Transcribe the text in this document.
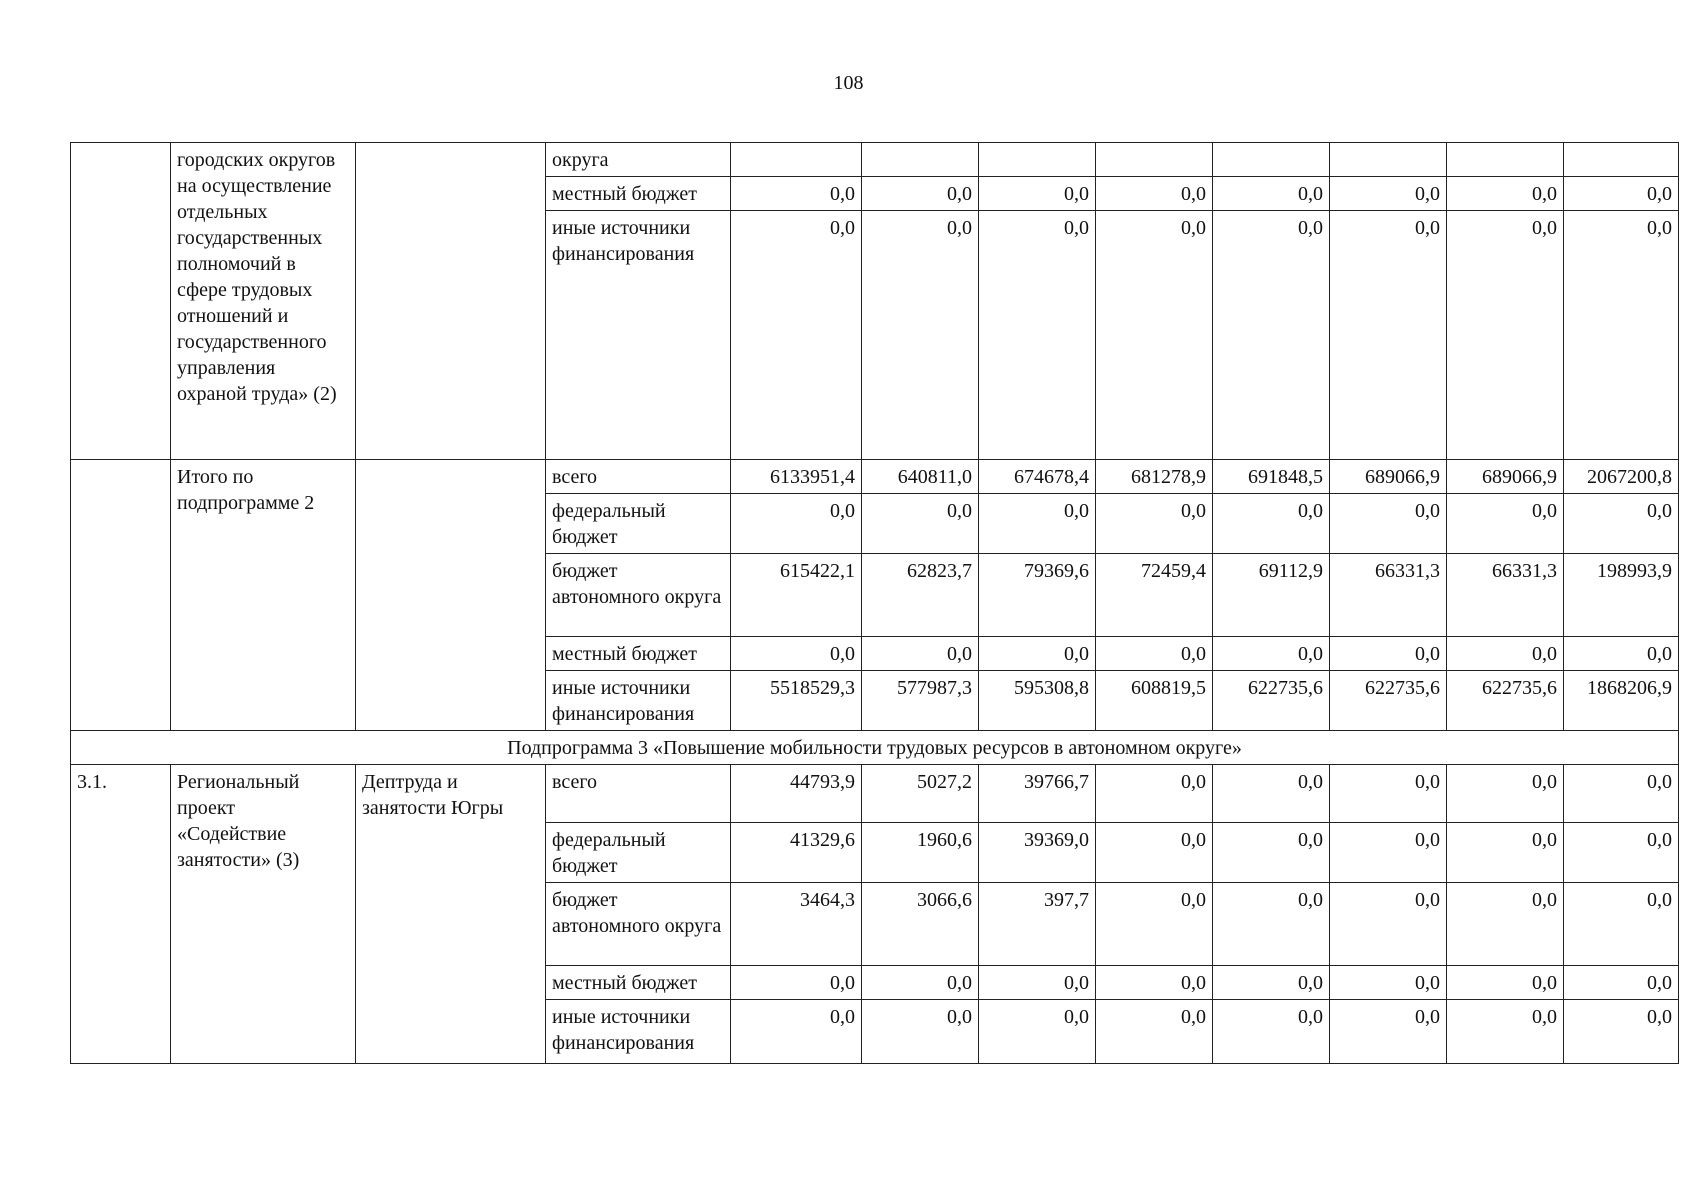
108
	городских округов на осуществление отдельных государственных полномочий в сфере трудовых отношений и государственного управления охраной труда» (2)		округа								
			местный бюджет	0,0	0,0	0,0	0,0	0,0	0,0	0,0	0,0
			иные источники финансирования	0,0	0,0	0,0	0,0	0,0	0,0	0,0	0,0
	Итого по подпрограмме 2		всего	6133951,4	640811,0	674678,4	681278,9	691848,5	689066,9	689066,9	2067200,8
			федеральный бюджет	0,0	0,0	0,0	0,0	0,0	0,0	0,0	0,0
			бюджет автономного округа	615422,1	62823,7	79369,6	72459,4	69112,9	66331,3	66331,3	198993,9
			местный бюджет	0,0	0,0	0,0	0,0	0,0	0,0	0,0	0,0
			иные источники финансирования	5518529,3	577987,3	595308,8	608819,5	622735,6	622735,6	622735,6	1868206,9
Подпрограмма 3 «Повышение мобильности трудовых ресурсов в автономном округе»											
3.1.	Региональный проект «Содействие занятости» (3)	Дептруда и занятости Югры	всего	44793,9	5027,2	39766,7	0,0	0,0	0,0	0,0	0,0
			федеральный бюджет	41329,6	1960,6	39369,0	0,0	0,0	0,0	0,0	0,0
			бюджет автономного округа	3464,3	3066,6	397,7	0,0	0,0	0,0	0,0	0,0
			местный бюджет	0,0	0,0	0,0	0,0	0,0	0,0	0,0	0,0
			иные источники финансирования	0,0	0,0	0,0	0,0	0,0	0,0	0,0	0,0
